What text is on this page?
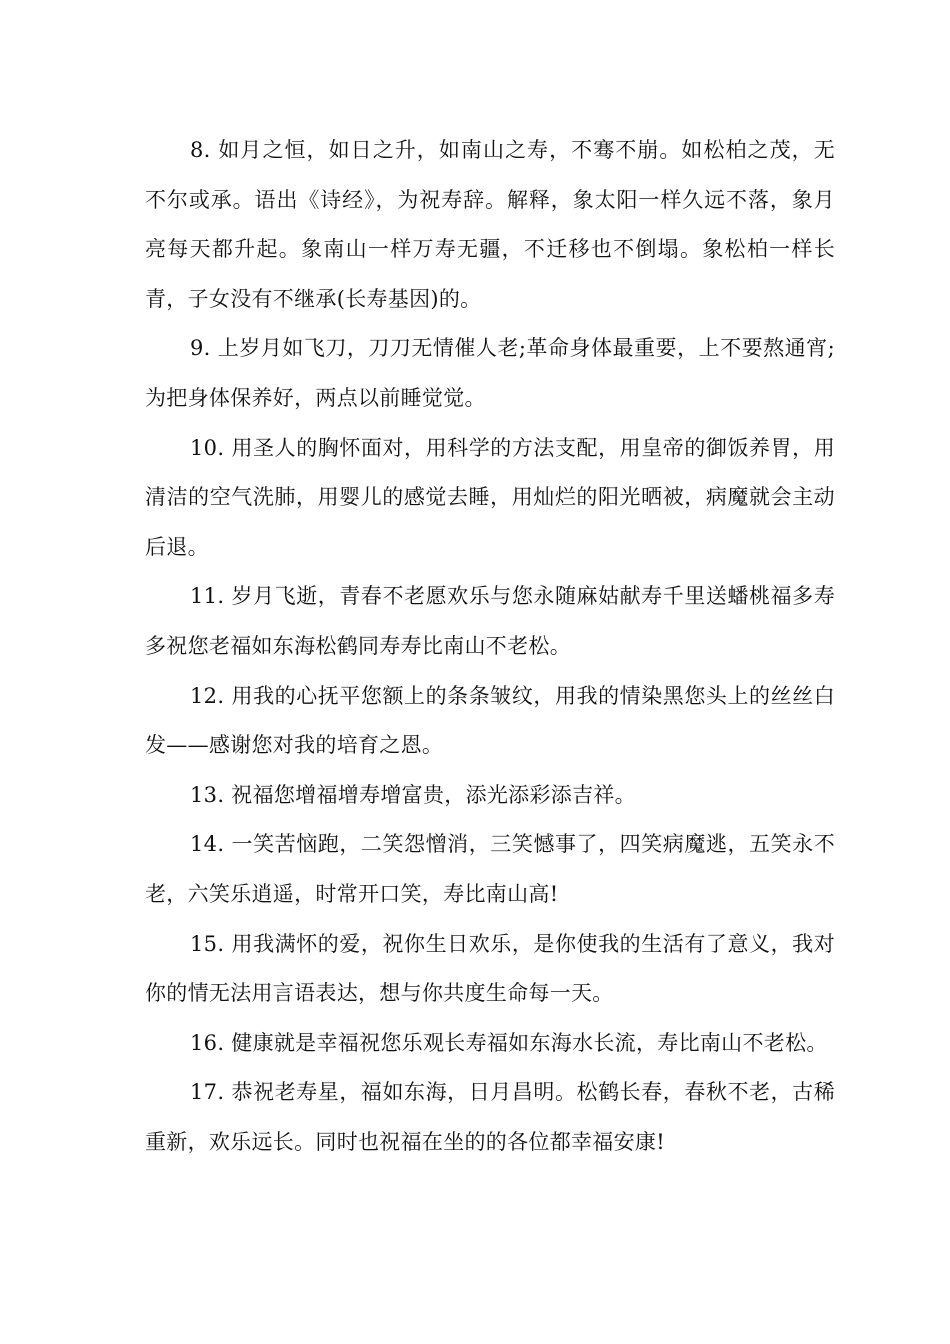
8. 如月之恒，如日之升，如南山之寿，不骞不崩。如松柏之茂，无不尔或承。语出《诗经》，为祝寿辞。解释，象太阳一样久远不落，象月亮每天都升起。象南山一样万寿无疆，不迁移也不倒塌。象松柏一样长青，子女没有不继承(长寿基因)的。

9. 上岁月如飞刀，刀刀无情催人老;革命身体最重要，上不要熬通宵;为把身体保养好，两点以前睡觉觉。

10. 用圣人的胸怀面对，用科学的方法支配，用皇帝的御饭养胃，用清洁的空气洗肺，用婴儿的感觉去睡，用灿烂的阳光晒被，病魔就会主动后退。

11. 岁月飞逝，青春不老愿欢乐与您永随麻姑献寿千里送蟠桃福多寿多祝您老福如东海松鹤同寿寿比南山不老松。

12. 用我的心抚平您额上的条条皱纹，用我的情染黑您头上的丝丝白发——感谢您对我的培育之恩。

13. 祝福您增福增寿增富贵，添光添彩添吉祥。

14. 一笑苦恼跑，二笑怨憎消，三笑憾事了，四笑病魔逃，五笑永不老，六笑乐逍遥，时常开口笑，寿比南山高!

15. 用我满怀的爱，祝你生日欢乐，是你使我的生活有了意义，我对你的情无法用言语表达，想与你共度生命每一天。

16. 健康就是幸福祝您乐观长寿福如东海水长流，寿比南山不老松。

17. 恭祝老寿星，福如东海，日月昌明。松鹤长春，春秋不老，古稀重新，欢乐远长。同时也祝福在坐的的各位都幸福安康!
